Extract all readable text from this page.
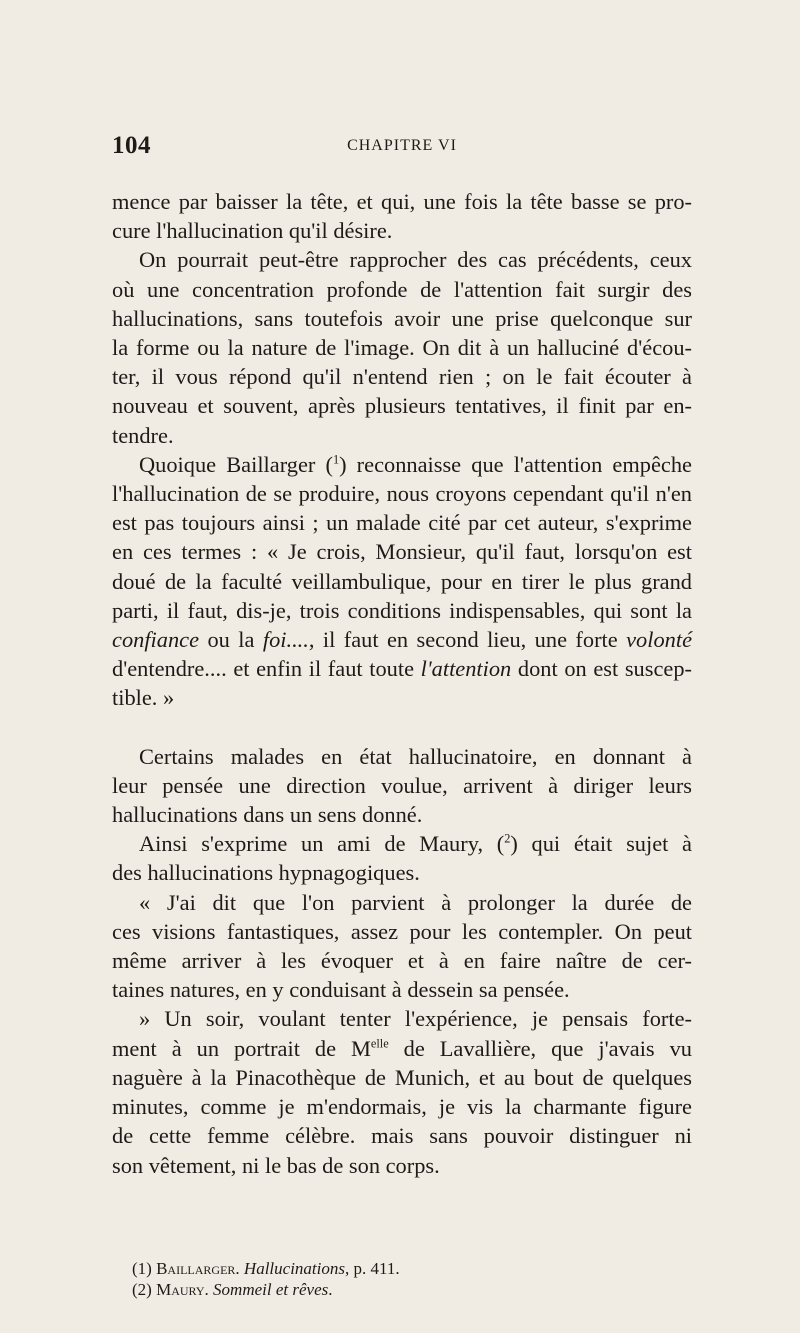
104	CHAPITRE VI

mence par baisser la tête, et qui, une fois la tête basse se pro-

cure l'hallucination qu'il désire.

On pourrait peut-être rapprocher des cas précédents, ceux

où une concentration profonde de l'attention fait surgir des

hallucinations, sans toutefois avoir une prise quelconque sur

la forme ou la nature de l'image. On dit à un halluciné d'écou-

ter, il vous répond qu'il n'entend rien ; on le fait écouter à

nouveau et souvent, après plusieurs tentatives, il finit par en-

tendre.

Quoique Baillarger ($^1$) reconnaisse que l'attention empêche

l'hallucination de se produire, nous croyons cependant qu'il n'en

est pas toujours ainsi ; un malade cité par cet auteur, s'exprime

en ces termes : « Je crois, Monsieur, qu'il faut, lorsqu'on est

doué de la faculté veillambulique, pour en tirer le plus grand

parti, il faut, dis-je, trois conditions indispensables, qui sont la

confiance ou la foi...., il faut en second lieu, une forte volonté

d'entendre.... et enfin il faut toute l'attention dont on est suscep-

tible. »

Certains malades en état hallucinatoire, en donnant à

leur pensée une direction voulue, arrivent à diriger leurs

hallucinations dans un sens donné.

Ainsi s'exprime un ami de Maury, ($^2$) qui était sujet à

des hallucinations hypnagogiques.

« J'ai dit que l'on parvient à prolonger la durée de

ces visions fantastiques, assez pour les contempler. On peut

même arriver à les évoquer et à en faire naître de cer-

taines natures, en y conduisant à dessein sa pensée.

» Un soir, voulant tenter l'expérience, je pensais forte-

ment à un portrait de $M^{elle}$ de Lavallière, que j'avais vu

naguère à la Pinacothèque de Munich, et au bout de quelques

minutes, comme je m'endormais, je vis la charmante figure

de cette femme célèbre. mais sans pouvoir distinguer ni

son vêtement, ni le bas de son corps.

(1) Baillarger. Hallucinations, p. 411.

(2) Maury. Sommeil et rêves.
